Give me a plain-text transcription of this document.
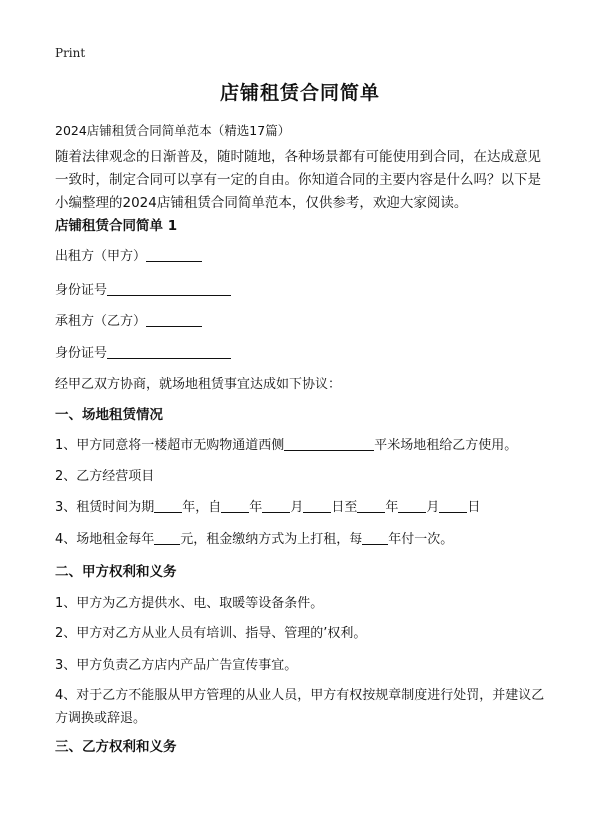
Print
店铺租赁合同简单
2024店铺租赁合同简单范本（精选17篇）
随着法律观念的日渐普及，随时随地，各种场景都有可能使用到合同，在达成意见一致时，制定合同可以享有一定的自由。你知道合同的主要内容是什么吗？以下是小编整理的2024店铺租赁合同简单范本，仅供参考，欢迎大家阅读。
店铺租赁合同简单 1
出租方（甲方）
身份证号
承租方（乙方）
身份证号
经甲乙双方协商，就场地租赁事宜达成如下协议：
一、场地租赁情况
1、甲方同意将一楼超市无购物通道西侧	平米场地租给乙方使用。
2、乙方经营项目
3、租赁时间为期 年，自 年 月 日至 年 月 日
4、场地租金每年 元，租金缴纳方式为上打租，每 年付一次。
二、甲方权利和义务
1、甲方为乙方提供水、电、取暖等设备条件。
2、甲方对乙方从业人员有培训、指导、管理的’权利。
3、甲方负责乙方店内产品广告宣传事宜。
4、对于乙方不能服从甲方管理的从业人员，甲方有权按规章制度进行处罚，并建议乙方调换或辞退。
三、乙方权利和义务
